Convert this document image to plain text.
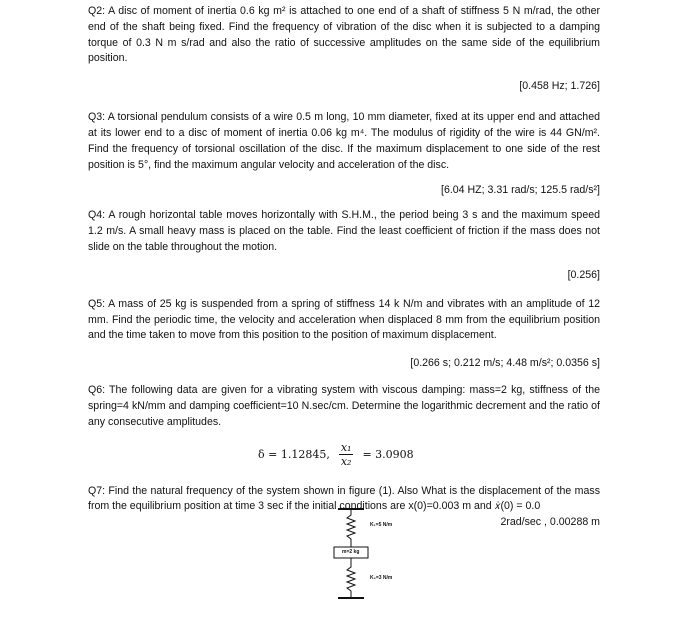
Q2: A disc of moment of inertia 0.6 kg m² is attached to one end of a shaft of stiffness 5 N m/rad, the other end of the shaft being fixed. Find the frequency of vibration of the disc when it is subjected to a damping torque of 0.3 N m s/rad and also the ratio of successive amplitudes on the same side of the equilibrium position.

[0.458 Hz; 1.726]

Q3: A torsional pendulum consists of a wire 0.5 m long, 10 mm diameter, fixed at its upper end and attached at its lower end to a disc of moment of inertia 0.06 kg m⁴. The modulus of rigidity of the wire is 44 GN/m². Find the frequency of torsional oscillation of the disc. If the maximum displacement to one side of the rest position is 5°, find the maximum angular velocity and acceleration of the disc.

[6.04 HZ; 3.31 rad/s; 125.5 rad/s²]

Q4: A rough horizontal table moves horizontally with S.H.M., the period being 3 s and the maximum speed 1.2 m/s. A small heavy mass is placed on the table. Find the least coefficient of friction if the mass does not slide on the table throughout the motion.

[0.256]

Q5: A mass of 25 kg is suspended from a spring of stiffness 14 k N/m and vibrates with an amplitude of 12 mm. Find the periodic time, the velocity and acceleration when displaced 8 mm from the equilibrium position and the time taken to move from this position to the position of maximum displacement.

[0.266 s; 0.212 m/s; 4.48 m/s²; 0.0356 s]

Q6: The following data are given for a vibrating system with viscous damping: mass=2 kg, stiffness of the spring=4 kN/mm and damping coefficient=10 N.sec/cm. Determine the logarithmic decrement and the ratio of any consecutive amplitudes.

δ = 1.12845, $\frac{\text{x₁}}{\text{x₂}} = 3.0908$

Q7: Find the natural frequency of the system shown in figure (1). Also What is the displacement of the mass from the equilibrium position at time 3 sec if the initial conditions are x(0)=0.003 m and 𝑥̇(0) = 0.0

2rad/sec , 0.00288 m

K₁=5 N/m
m=2 kg
K₂=3 N/m
